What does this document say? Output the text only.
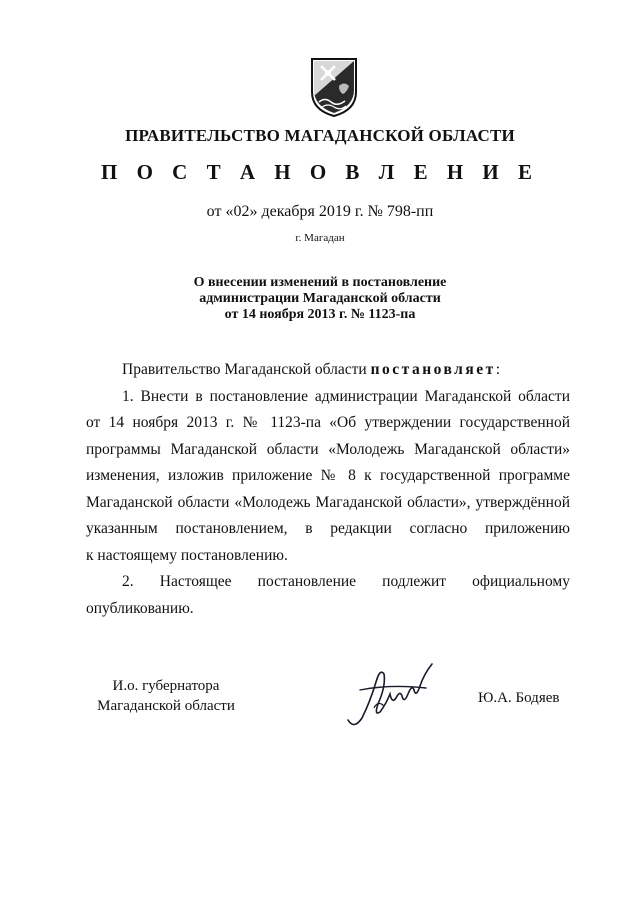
ПРАВИТЕЛЬСТВО МАГАДАНСКОЙ ОБЛАСТИ
П О С Т А Н О В Л Е Н И Е
от «02» декабря 2019 г. № 798-пп
г. Магадан
О внесении изменений в постановление
администрации Магаданской области
от 14 ноября 2013 г. № 1123-па

Правительство Магаданской области постановляет:

1. Внести в постановление администрации Магаданской области
от 14 ноября 2013 г. № 1123-па «Об утверждении государственной
программы Магаданской области «Молодежь Магаданской области»
изменения, изложив приложение № 8 к государственной программе
Магаданской области «Молодежь Магаданской области», утверждённой
указанным постановлением, в редакции согласно приложению
к настоящему постановлению.
2. Настоящее постановление подлежит официальному
опубликованию.
И.о. губернатора
Магаданской области	Ю.А. Бодяев
